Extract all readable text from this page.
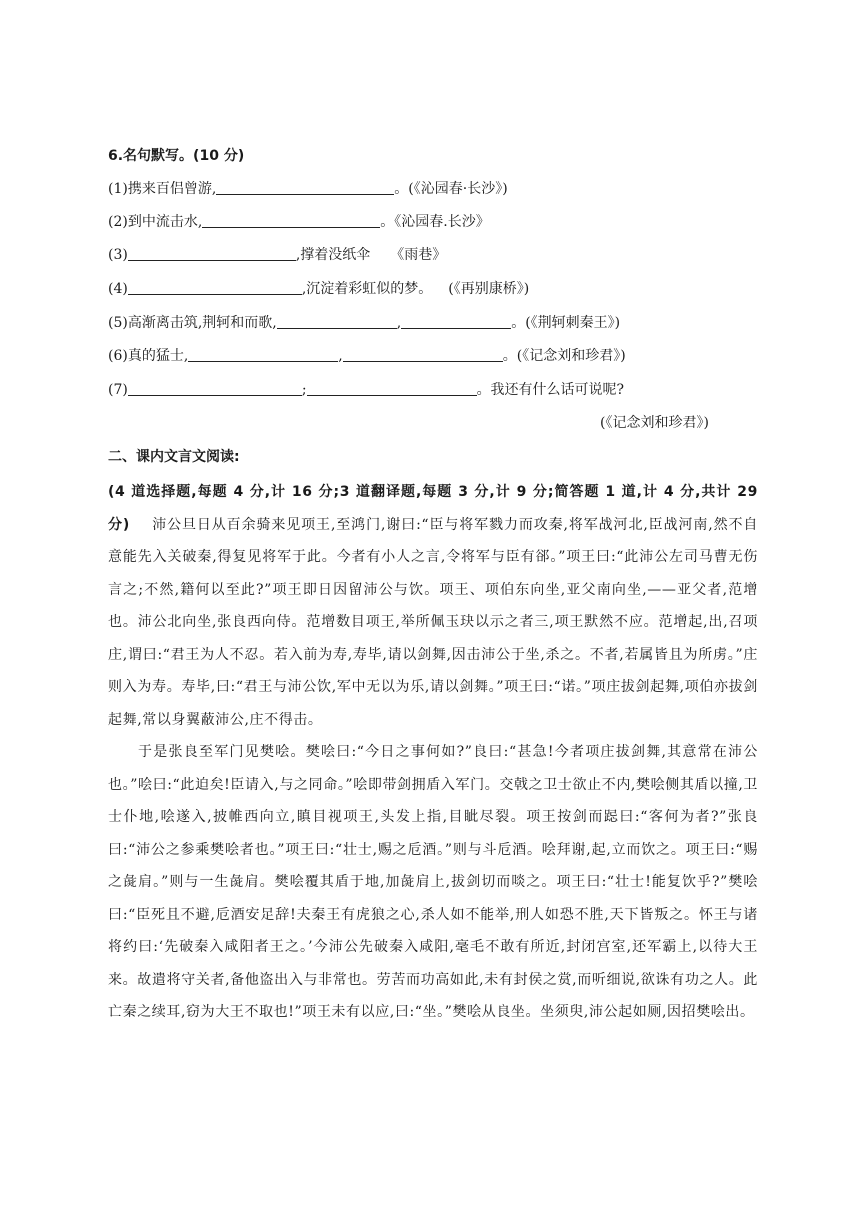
6.名句默写。(10 分)
(1)携来百侣曾游,	。(《沁园春·长沙》)
(2)到中流击水,	。《沁园春.长沙》
(3)	,撑着没纸伞 《雨巷》
(4)	,沉淀着彩虹似的梦。 (《再别康桥》)
(5)高渐离击筑,荆轲和而歌,	,	。(《荆轲刺秦王》)
(6)真的猛士,	,	。(《记念刘和珍君》)
(7)	;	。我还有什么话可说呢?
(《记念刘和珍君》)
二、课内文言文阅读:
(4 道选择题,每题 4 分,计 16 分;3 道翻译题,每题 3 分,计 9 分;简答题 1 道,计 4 分,共计 29 分) 沛公旦日从百余骑来见项王,至鸿门,谢曰:“臣与将军戮力而攻秦,将军战河北,臣战河南,然不自意能先入关破秦,得复见将军于此。今者有小人之言,令将军与臣有郤。”项王曰:“此沛公左司马曹无伤言之;不然,籍何以至此?”项王即日因留沛公与饮。项王、项伯东向坐,亚父南向坐,——亚父者,范增也。沛公北向坐,张良西向侍。范增数目项王,举所佩玉玦以示之者三,项王默然不应。范增起,出,召项庄,谓曰:“君王为人不忍。若入前为寿,寿毕,请以剑舞,因击沛公于坐,杀之。不者,若属皆且为所虏。”庄则入为寿。寿毕,曰:“君王与沛公饮,军中无以为乐,请以剑舞。”项王曰:“诺。”项庄拔剑起舞,项伯亦拔剑起舞,常以身翼蔽沛公,庄不得击。
于是张良至军门见樊哙。樊哙曰:“今日之事何如?”良曰:“甚急!今者项庄拔剑舞,其意常在沛公也。”哙曰:“此迫矣!臣请入,与之同命。”哙即带剑拥盾入军门。交戟之卫士欲止不内,樊哙侧其盾以撞,卫士仆地,哙遂入,披帷西向立,瞋目视项王,头发上指,目眦尽裂。项王按剑而跽曰:“客何为者?”张良曰:“沛公之参乘樊哙者也。”项王曰:“壮士,赐之卮酒。”则与斗卮酒。哙拜谢,起,立而饮之。项王曰:“赐之彘肩。”则与一生彘肩。樊哙覆其盾于地,加彘肩上,拔剑切而啖之。项王曰:“壮士!能复饮乎?”樊哙曰:“臣死且不避,卮酒安足辞!夫秦王有虎狼之心,杀人如不能举,刑人如恐不胜,天下皆叛之。怀王与诸将约曰:‘先破秦入咸阳者王之。’今沛公先破秦入咸阳,毫毛不敢有所近,封闭宫室,还军霸上,以待大王来。故遣将守关者,备他盗出入与非常也。劳苦而功高如此,未有封侯之赏,而听细说,欲诛有功之人。此亡秦之续耳,窃为大王不取也!”项王未有以应,曰:“坐。”樊哙从良坐。坐须臾,沛公起如厕,因招樊哙出。
